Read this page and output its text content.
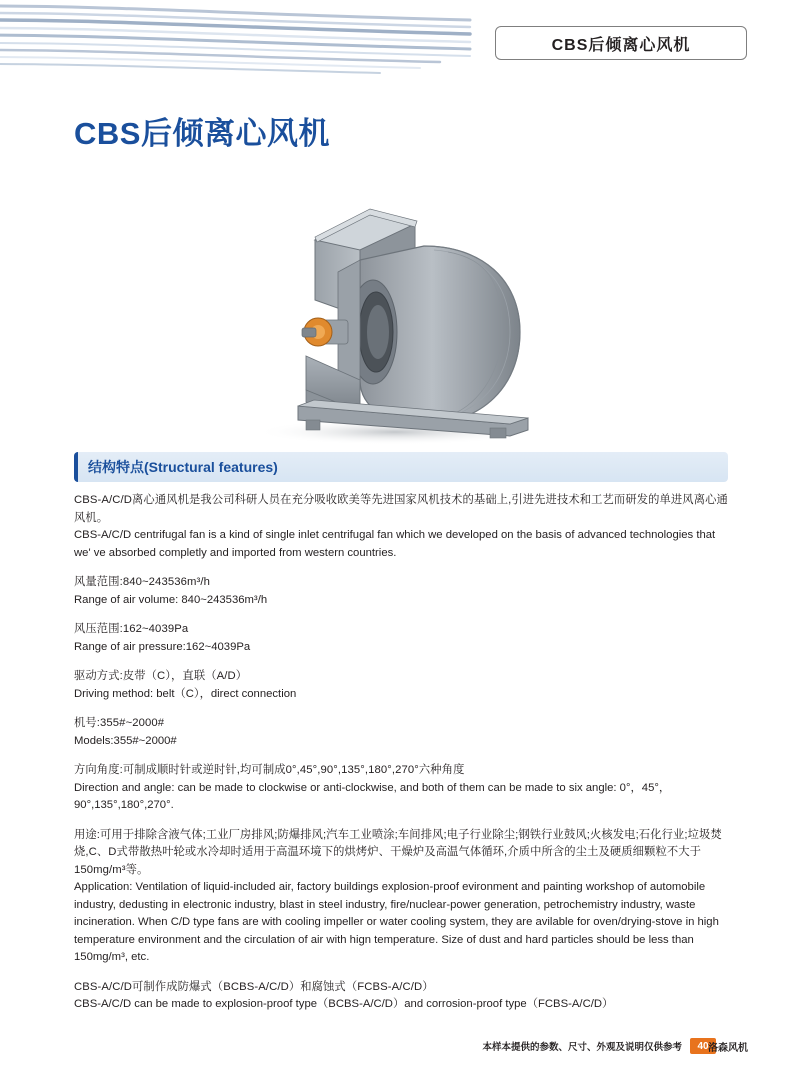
CBS后倾离心风机
CBS后倾离心风机
结构特点(Structural features)

CBS-A/C/D离心通风机是我公司科研人员在充分吸收欧美等先进国家风机技术的基础上,引进先进技术和工艺而研发的单进风离心通风机。

CBS-A/C/D centrifugal fan is a kind of single inlet centrifugal fan which we developed on the basis of advanced technologies that we' ve absorbed completly and imported from western countries.

风量范围:840~243536m³/h

Range of air volume: 840~243536m³/h

风压范围:162~4039Pa

Range of air pressure:162~4039Pa

驱动方式:皮带（C），直联（A/D）

Driving method: belt（C），direct connection

机号:355#~2000#

Models:355#~2000#

方向角度:可制成顺时针或逆时针,均可制成0°,45°,90°,135°,180°,270°六种角度

Direction and angle: can be made to clockwise or anti-clockwise, and both of them can be made to six angle: 0°，45°，90°,135°,180°,270°.

用途:可用于排除含液气体;工业厂房排风;防爆排风;汽车工业喷涂;车间排风;电子行业除尘;钢铁行业鼓风;火核发电;石化行业;垃圾焚烧,C、D式带散热叶轮或水冷却时适用于高温环境下的烘烤炉、干燥炉及高温气体循环,介质中所含的尘土及硬质细颗粒不大于150mg/m³等。

Application: Ventilation of liquid-included air, factory buildings explosion-proof evironment and painting workshop of automobile industry, dedusting in electronic industry, blast in steel industry, fire/nuclear-power generation, petrochemistry industry, waste incineration. When C/D type fans are with cooling impeller or water cooling system, they are avilable for oven/drying-stove in high temperature environment and the circulation of air with hign temperature. Size of dust and hard particles should be less than 150mg/m³, etc.

CBS-A/C/D可制作成防爆式（BCBS-A/C/D）和腐蚀式（FCBS-A/C/D）

CBS-A/C/D can be made to explosion-proof type（BCBS-A/C/D）and corrosion-proof type（FCBS-A/C/D）

本样本提供的参数、尺寸、外观及说明仅供参考	40 洛森风机
